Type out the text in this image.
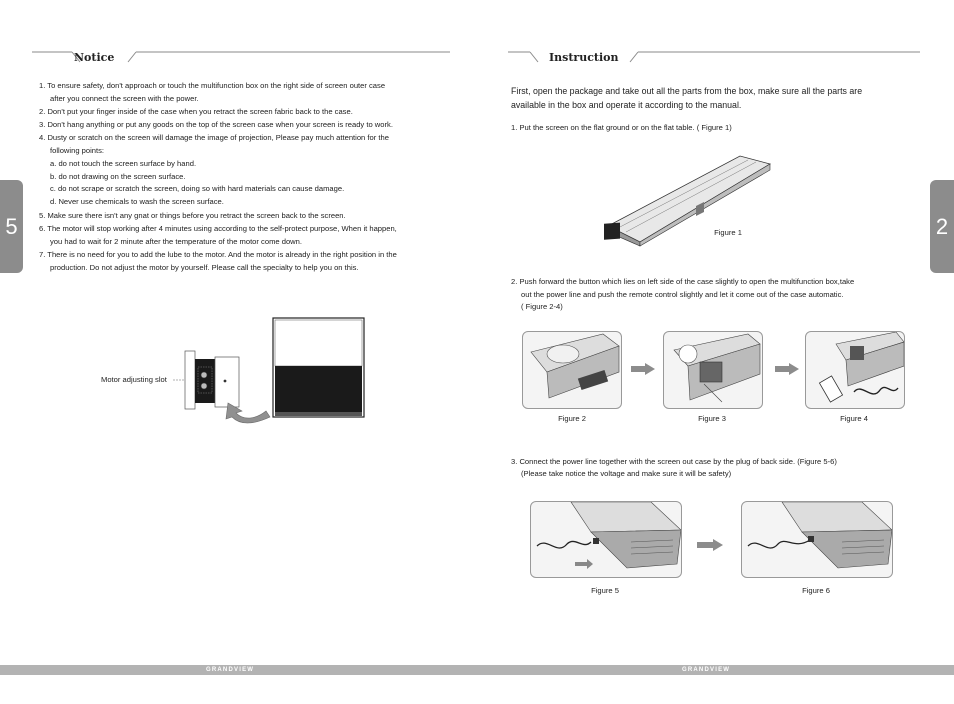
Notice
5
1. To ensure safety, don't approach or touch the multifunction box on the right side of screen outer case
after you connect the screen with the power.
2. Don't put your finger inside of the case when you retract the screen fabric back to the case.
3. Don't hang anything or put any goods on the top of the screen case when your screen is ready to work.
4. Dusty or scratch on the screen will damage the image of projection, Please pay much attention for the
following points:
a. do not touch the screen surface by hand.
b. do not drawing on the screen surface.
c. do not scrape or scratch the screen, doing so with hard materials can cause damage.
d. Never use chemicals to wash the screen surface.
5. Make sure there isn't any gnat or things before you retract the screen back to the screen.
6. The motor will stop working after 4 minutes using according to the self-protect purpose, When it happen,
you had to wait for 2 minute after the temperature of the motor come down.
7. There is no need for you to add the lube to the motor. And the motor is already in the right position in the
production. Do not adjust the motor by yourself. Please call the specialty to help you on this.
Motor adjusting slot
Instruction
2
First, open the package and take out all the parts from the box, make sure all the parts are
available in the box and operate it according to the manual.
1. Put the screen on the flat ground or on the flat table. ( Figure 1)
Figure 1
2. Push forward the button which lies on left side of the case slightly to open the multifunction box,take
out the power line and push the remote control slightly and let it come out of the case automatic.
( Figure 2-4)
Figure 2	Figure 3	Figure 4
3. Connect the power line together with the screen out case by the plug of back side. (Figure 5-6)
(Please take notice the voltage and make sure it will be safety)
Figure 5	Figure 6
GRANDVIEW	GRANDVIEW
